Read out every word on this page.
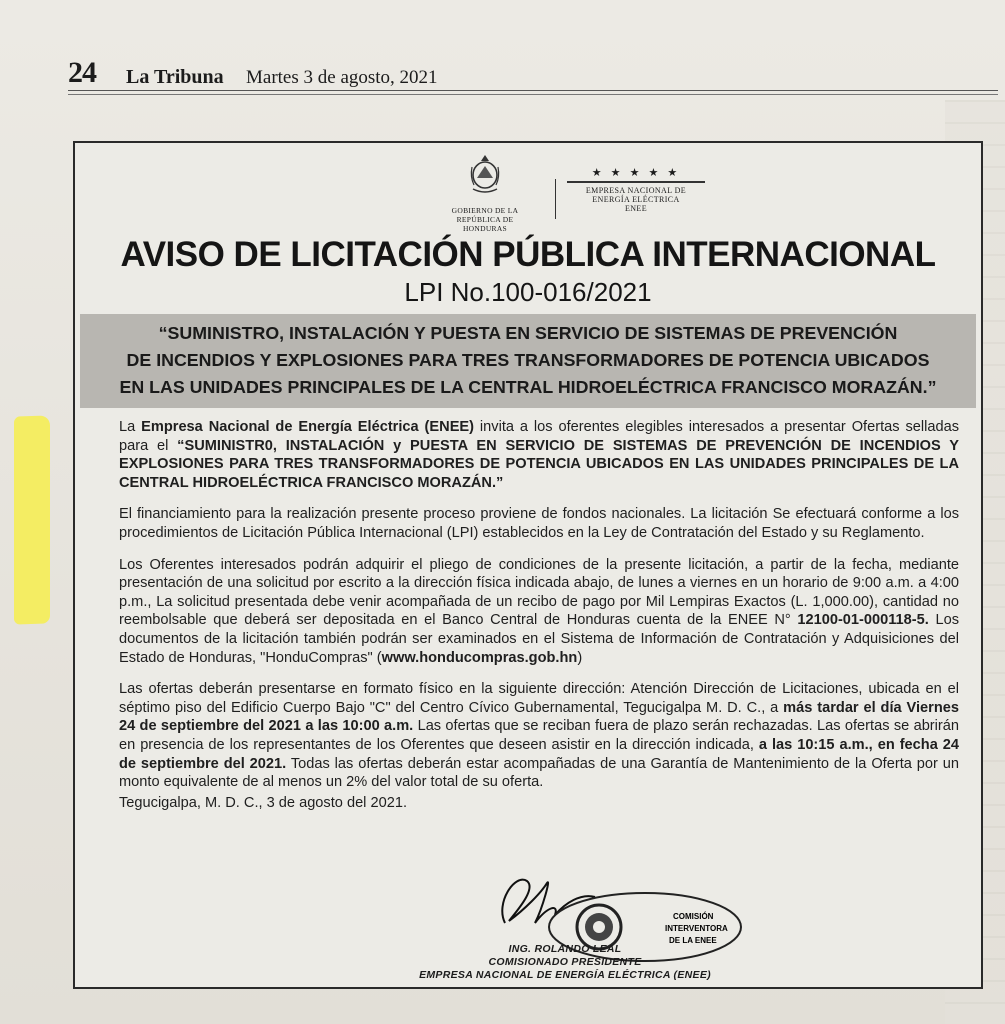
24 La Tribuna Martes 3 de agosto, 2021
GOBIERNO DE LA
REPÚBLICA DE HONDURAS
★ ★ ★ ★ ★
EMPRESA NACIONAL DE
ENERGÍA ELÉCTRICA
ENEE
AVISO DE LICITACIÓN PÚBLICA INTERNACIONAL
LPI No.100-016/2021
“SUMINISTRO, INSTALACIÓN Y PUESTA EN SERVICIO DE SISTEMAS DE PREVENCIÓN
DE INCENDIOS Y EXPLOSIONES PARA TRES TRANSFORMADORES DE POTENCIA UBICADOS
EN LAS UNIDADES PRINCIPALES DE LA CENTRAL HIDROELÉCTRICA FRANCISCO MORAZÁN.”

La Empresa Nacional de Energía Eléctrica (ENEE) invita a los oferentes elegibles interesados a presentar Ofertas selladas para el “SUMINISTR0, INSTALACIÓN y PUESTA EN SERVICIO DE SISTEMAS DE PREVENCIÓN DE INCENDIOS Y EXPLOSIONES PARA TRES TRANSFORMADORES DE POTENCIA UBICADOS EN LAS UNIDADES PRINCIPALES DE LA CENTRAL HIDROELÉCTRICA FRANCISCO MORAZÁN.”

El financiamiento para la realización presente proceso proviene de fondos nacionales. La licitación Se efectuará conforme a los procedimientos de Licitación Pública Internacional (LPI) establecidos en la Ley de Contratación del Estado y su Reglamento.

Los Oferentes interesados podrán adquirir el pliego de condiciones de la presente licitación, a partir de la fecha, mediante presentación de una solicitud por escrito a la dirección física indicada abajo, de lunes a viernes en un horario de 9:00 a.m. a 4:00 p.m., La solicitud presentada debe venir acompañada de un recibo de pago por Mil Lempiras Exactos (L. 1,000.00), cantidad no reembolsable que deberá ser depositada en el Banco Central de Honduras cuenta de la ENEE N° 12100-01-000118-5. Los documentos de la licitación también podrán ser examinados en el Sistema de Información de Contratación y Adquisiciones del Estado de Honduras, "HonduCompras" (www.honducompras.gob.hn)

Las ofertas deberán presentarse en formato físico en la siguiente dirección: Atención Dirección de Licitaciones, ubicada en el séptimo piso del Edificio Cuerpo Bajo "C" del Centro Cívico Gubernamental, Tegucigalpa M. D. C., a más tardar el día Viernes 24 de septiembre del 2021 a las 10:00 a.m. Las ofertas que se reciban fuera de plazo serán rechazadas. Las ofertas se abrirán en presencia de los representantes de los Oferentes que deseen asistir en la dirección indicada, a las 10:15 a.m., en fecha 24 de septiembre del 2021. Todas las ofertas deberán estar acompañadas de una Garantía de Mantenimiento de la Oferta por un monto equivalente de al menos un 2% del valor total de su oferta.

Tegucigalpa, M. D. C., 3 de agosto del 2021.

COMISIÓN
INTERVENTORA
DE LA ENEE
ING. ROLANDO LEAL
COMISIONADO PRESIDENTE
EMPRESA NACIONAL DE ENERGÍA ELÉCTRICA (ENEE)
